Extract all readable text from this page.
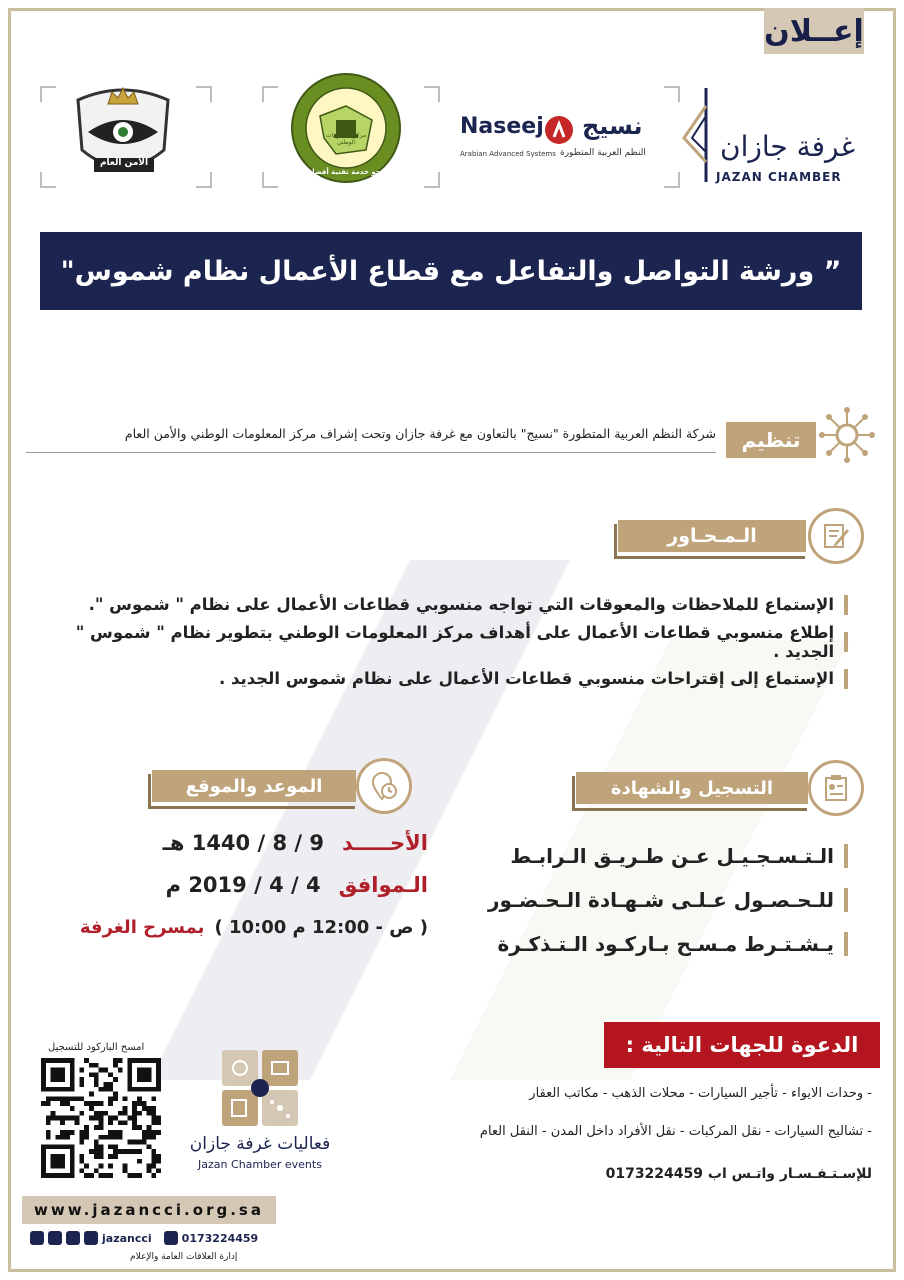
إعــلان
الأمن العام
مركز المعلومات الوطني
نحو خدمة تقنية أفضل
Naseej نسيج
Arabian Advanced Systems النظم العربية المتطورة	غرفة جازان
JAZAN CHAMBER
” ورشة التواصل والتفاعل مع قطاع الأعمال نظام شموس"
تنظيم
شركة النظم العربية المتطورة "نسيج" بالتعاون مع غرفة جازان وتحت إشراف مركز المعلومات الوطني والأمن العام
الـمـحـاور
الإستماع للملاحظات والمعوقات التي تواجه منسوبي قطاعات الأعمال على نظام " شموس ".
إطلاع منسوبي قطاعات الأعمال على أهداف مركز المعلومات الوطني بتطوير نظام " شموس " الجديد .
الإستماع إلى إقتراحات منسوبي قطاعات الأعمال على نظام شموس الجديد .
الموعد والموقع	التسجيل والشهادة
الأحـــــد
9 / 8 / 1440 هـ
الـموافق
4 / 4 / 2019 م
( 10:00 ص - 12:00 م )
بمسرح الغرفة
الـتـسـجـيـل عـن طـريـق الـرابـط
للـحـصـول عـلـى شـهـادة الـحـضـور
يـشـتـرط مـسـح بـاركـود الـتـذكـرة
الدعوة للجهات التالية :
- وحدات الايواء - تأجير السيارات - محلات الذهب - مكاتب العقار
- تشاليح السيارات - نقل المركبات - نقل الأفراد داخل المدن - النقل العام
للإسـتـفـسـار واتـس اب 0173224459
فعاليات غرفة جازان
Jazan Chamber events
امسح الباركود للتسجيل
www.jazancci.org.sa
jazancci	0173224459
إدارة العلاقات العامة والإعلام
